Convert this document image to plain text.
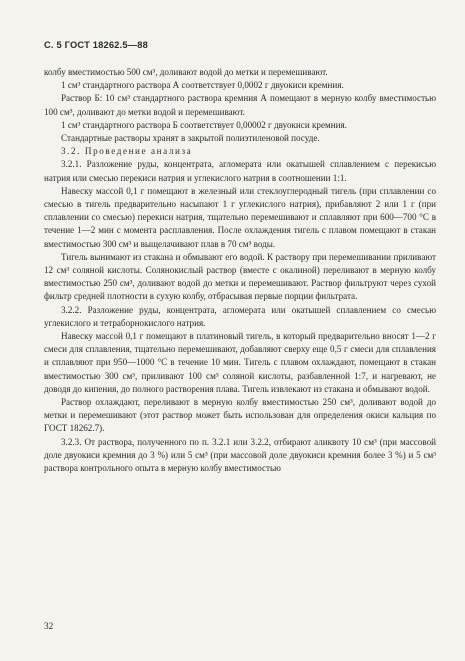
С. 5 ГОСТ 18262.5—88

колбу вместимостью 500 см³, доливают водой до метки и перемешивают.

1 см³ стандартного раствора А соответствует 0,0002 г двуокиси кремния.

Раствор Б: 10 см³ стандартного раствора кремния А помещают в мерную колбу вместимостью 100 см³, доливают до метки водой и перемешивают.

1 см³ стандартного раствора Б соответствует 0,00002 г двуокиси кремния.

Стандартные растворы хранят в закрытой полиэтиленовой посуде.

3.2. Проведение анализа

3.2.1. Разложение руды, концентрата, агломерата или окатышей сплавлением с перекисью натрия или смесью перекиси натрия и углекислого натрия в соотношении 1:1.

Навеску массой 0,1 г помещают в железный или стеклоуглеродный тигель (при сплавлении со смесью в тигель предварительно насыпают 1 г углекислого натрия), прибавляют 2 или 1 г (при сплавлении со смесью) перекиси натрия, тщательно перемешивают и сплавляют при 600—700 °С в течение 1—2 мин с момента расплавления. После охлаждения тигель с плавом помещают в стакан вместимостью 300 см³ и выщелачивают плав в 70 см³ воды.

Тигель вынимают из стакана и обмывают его водой. К раствору при перемешивании приливают 12 см³ соляной кислоты. Солянокислый раствор (вместе с окалиной) переливают в мерную колбу вместимостью 250 см³, доливают водой до метки и перемешивают. Раствор фильтруют через сухой фильтр средней плотности в сухую колбу, отбрасывая первые порции фильтрата.

3.2.2. Разложение руды, концентрата, агломерата или окатышей сплавлением со смесью углекислого и тетраборнокислого натрия.

Навеску массой 0,1 г помещают в платиновый тигель, в который предварительно вносят 1—2 г смеси для сплавления, тщательно перемешивают, добавляют сверху еще 0,5 г смеси для сплавления и сплавляют при 950—1000 °С в течение 10 мин. Тигель с плавом охлаждают, помещают в стакан вместимостью 300 см³, приливают 100 см³ соляной кислоты, разбавленной 1:7, и нагревают, не доводя до кипения, до полного растворения плава. Тигель извлекают из стакана и обмывают водой.

Раствор охлаждают, переливают в мерную колбу вместимостью 250 см³, доливают водой до метки и перемешивают (этот раствор может быть использован для определения окиси кальция по ГОСТ 18262.7).

3.2.3. От раствора, полученного по п. 3.2.1 или 3.2.2, отбирают аликвоту 10 см³ (при массовой доле двуокиси кремния до 3 %) или 5 см³ (при массовой доле двуокиси кремния более 3 %) и 5 см³ раствора контрольного опыта в мерную колбу вместимостью

32
